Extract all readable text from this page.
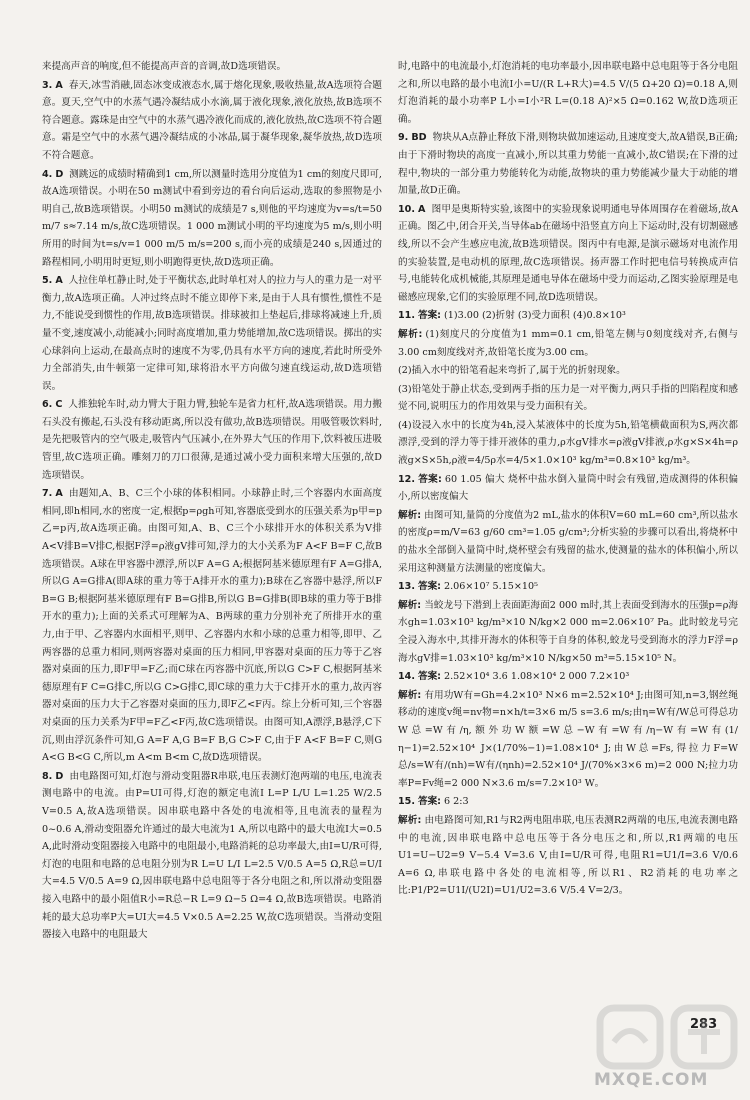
来提高声音的响度,但不能提高声音的音调,故D选项错误。

3. A 春天,冰雪消融,固态冰变成液态水,属于熔化现象,吸收热量,故A选项符合题意。夏天,空气中的水蒸气遇冷凝结成小水滴,属于液化现象,液化放热,故B选项不符合题意。露珠是由空气中的水蒸气遇冷液化而成的,液化放热,故C选项不符合题意。霜是空气中的水蒸气遇冷凝结成的小冰晶,属于凝华现象,凝华放热,故D选项不符合题意。

4. D 测跳远的成绩时精确到1 cm,所以测量时选用分度值为1 cm的刻度尺即可,故A选项错误。小明在50 m测试中看到旁边的看台向后运动,选取的参照物是小明自己,故B选项错误。小明50 m测试的成绩是7 s,则他的平均速度为v=s/t=50 m/7 s≈7.14 m/s,故C选项错误。1 000 m测试小明的平均速度为5 m/s,则小明所用的时间为t=s/v=1 000 m/5 m/s=200 s,而小亮的成绩是240 s,因通过的路程相同,小明用时更短,则小明跑得更快,故D选项正确。

5. A 人拉住单杠静止时,处于平衡状态,此时单杠对人的拉力与人的重力是一对平衡力,故A选项正确。人冲过终点时不能立即停下来,是由于人具有惯性,惯性不是力,不能说受到惯性的作用,故B选项错误。排球被扣上垫起后,排球将减速上升,质量不变,速度减小,动能减小;同时高度增加,重力势能增加,故C选项错误。掷出的实心球斜向上运动,在最高点时的速度不为零,仍具有水平方向的速度,若此时所受外力全部消失,由牛顿第一定律可知,球将沿水平方向做匀速直线运动,故D选项错误。

6. C 人推独轮车时,动力臂大于阻力臂,独轮车是省力杠杆,故A选项错误。用力搬石头没有搬起,石头没有移动距离,所以没有做功,故B选项错误。用吸管吸饮料时,是先把吸管内的空气吸走,吸管内气压减小,在外界大气压的作用下,饮料被压进吸管里,故C选项正确。雕刻刀的刀口很薄,是通过减小受力面积来增大压强的,故D选项错误。

7. A 由题知,A、B、C三个小球的体积相同。小球静止时,三个容器内水面高度相同,即h相同,水的密度一定,根据p=ρgh可知,容器底受到水的压强关系为p甲=p乙=p丙,故A选项正确。由图可知,A、B、C三个小球排开水的体积关系为V排A<V排B=V排C,根据F浮=ρ液gV排可知,浮力的大小关系为F A<F B=F C,故B选项错误。A球在甲容器中漂浮,所以F A=G A;根据阿基米德原理有F A=G排A,所以G A=G排A(即A球的重力等于A排开水的重力);B球在乙容器中悬浮,所以F B=G B;根据阿基米德原理有F B=G排B,所以G B=G排B(即B球的重力等于B排开水的重力);上面的关系式可理解为A、B两球的重力分别补充了所排开水的重力,由于甲、乙容器内水面相平,则甲、乙容器内水和小球的总重力相等,即甲、乙两容器的总重力相同,则两容器对桌面的压力相同,甲容器对桌面的压力等于乙容器对桌面的压力,即F甲=F乙;而C球在丙容器中沉底,所以G C>F C,根据阿基米德原理有F C=G排C,所以G C>G排C,即C球的重力大于C排开水的重力,故丙容器对桌面的压力大于乙容器对桌面的压力,即F乙<F丙。综上分析可知,三个容器对桌面的压力关系为F甲=F乙<F丙,故C选项错误。由图可知,A漂浮,B悬浮,C下沉,则由浮沉条件可知,G A=F A,G B=F B,G C>F C,由于F A<F B=F C,则G A<G B<G C,所以,m A<m B<m C,故D选项错误。

8. D 由电路图可知,灯泡与滑动变阻器R串联,电压表测灯泡两端的电压,电流表测电路中的电流。由P=UI可得,灯泡的额定电流I L=P L/U L=1.25 W/2.5 V=0.5 A,故A选项错误。因串联电路中各处的电流相等,且电流表的量程为0~0.6 A,滑动变阻器允许通过的最大电流为1 A,所以电路中的最大电流I大=0.5 A,此时滑动变阻器接入电路中的电阻最小,电路消耗的总功率最大,由I=U/R可得,灯泡的电阻和电路的总电阻分别为R L=U L/I L=2.5 V/0.5 A=5 Ω,R总=U/I大=4.5 V/0.5 A=9 Ω,因串联电路中总电阻等于各分电阻之和,所以滑动变阻器接入电路中的最小阻值R小=R总−R L=9 Ω−5 Ω=4 Ω,故B选项错误。电路消耗的最大总功率P大=UI大=4.5 V×0.5 A=2.25 W,故C选项错误。当滑动变阻器接入电路中的电阻最大

时,电路中的电流最小,灯泡消耗的电功率最小,因串联电路中总电阻等于各分电阻之和,所以电路的最小电流I小=U/(R L+R大)=4.5 V/(5 Ω+20 Ω)=0.18 A,则灯泡消耗的最小功率P L小=I小²R L=(0.18 A)²×5 Ω=0.162 W,故D选项正确。

9. BD 物块从A点静止释放下滑,则物块做加速运动,且速度变大,故A错误,B正确;由于下滑时物块的高度一直减小,所以其重力势能一直减小,故C错误;在下滑的过程中,物块的一部分重力势能转化为动能,故物块的重力势能减少量大于动能的增加量,故D正确。

10. A 图甲是奥斯特实验,该图中的实验现象说明通电导体周围存在着磁场,故A正确。图乙中,闭合开关,当导体ab在磁场中沿竖直方向上下运动时,没有切割磁感线,所以不会产生感应电流,故B选项错误。图丙中有电源,是演示磁场对电流作用的实验装置,是电动机的原理,故C选项错误。扬声器工作时把电信号转换成声信号,电能转化成机械能,其原理是通电导体在磁场中受力而运动,乙图实验原理是电磁感应现象,它们的实验原理不同,故D选项错误。

11. 答案: (1)3.00 (2)折射 (3)受力面积 (4)0.8×10³

解析: (1)刻度尺的分度值为1 mm=0.1 cm,铅笔左侧与0刻度线对齐,右侧与3.00 cm刻度线对齐,故铅笔长度为3.00 cm。

(2)插入水中的铅笔看起来弯折了,属于光的折射现象。

(3)铅笔处于静止状态,受到两手指的压力是一对平衡力,两只手指的凹陷程度和感觉不同,说明压力的作用效果与受力面积有关。

(4)设浸入水中的长度为4h,浸入某液体中的长度为5h,铅笔横截面积为S,两次都漂浮,受到的浮力等于排开液体的重力,ρ水gV排水=ρ液gV排液,ρ水g×S×4h=ρ液g×S×5h,ρ液=4/5ρ水=4/5×1.0×10³ kg/m³=0.8×10³ kg/m³。

12. 答案: 60 1.05 偏大 烧杯中盐水倒入量筒中时会有残留,造成测得的体积偏小,所以密度偏大

解析: 由图可知,量筒的分度值为2 mL,盐水的体积V=60 mL=60 cm³,所以盐水的密度ρ=m/V=63 g/60 cm³=1.05 g/cm³;分析实验的步骤可以看出,将烧杯中的盐水全部倒入量筒中时,烧杯壁会有残留的盐水,使测量的盐水的体积偏小,所以采用这种测量方法测量的密度偏大。

13. 答案: 2.06×10⁷ 5.15×10⁵

解析: 当蛟龙号下潜到上表面距海面2 000 m时,其上表面受到海水的压强p=ρ海水gh=1.03×10³ kg/m³×10 N/kg×2 000 m=2.06×10⁷ Pa。此时蛟龙号完全浸入海水中,其排开海水的体积等于自身的体积,蛟龙号受到海水的浮力F浮=ρ海水gV排=1.03×10³ kg/m³×10 N/kg×50 m³=5.15×10⁵ N。

14. 答案: 2.52×10⁴ 3.6 1.08×10⁴ 2 000 7.2×10³

解析: 有用功W有=Gh=4.2×10³ N×6 m=2.52×10⁴ J;由图可知,n=3,钢丝绳移动的速度v绳=nv物=n×h/t=3×6 m/5 s=3.6 m/s;由η=W有/W总可得总功W总=W有/η,额外功W额=W总−W有=W有/η−W有=W有(1/η−1)=2.52×10⁴ J×(1/70%−1)=1.08×10⁴ J;由W总=Fs,得拉力F=W总/s=W有/(nh)=W有/(ηnh)=2.52×10⁴ J/(70%×3×6 m)=2 000 N;拉力功率P=Fv绳=2 000 N×3.6 m/s=7.2×10³ W。

15. 答案: 6 2:3

解析: 由电路图可知,R1与R2两电阻串联,电压表测R2两端的电压,电流表测电路中的电流,因串联电路中总电压等于各分电压之和,所以,R1两端的电压U1=U−U2=9 V−5.4 V=3.6 V,由I=U/R可得,电阻R1=U1/I=3.6 V/0.6 A=6 Ω,串联电路中各处的电流相等,所以R1、R2消耗的电功率之比:P1/P2=U1I/(U2I)=U1/U2=3.6 V/5.4 V=2/3。

283
MXQE.COM
